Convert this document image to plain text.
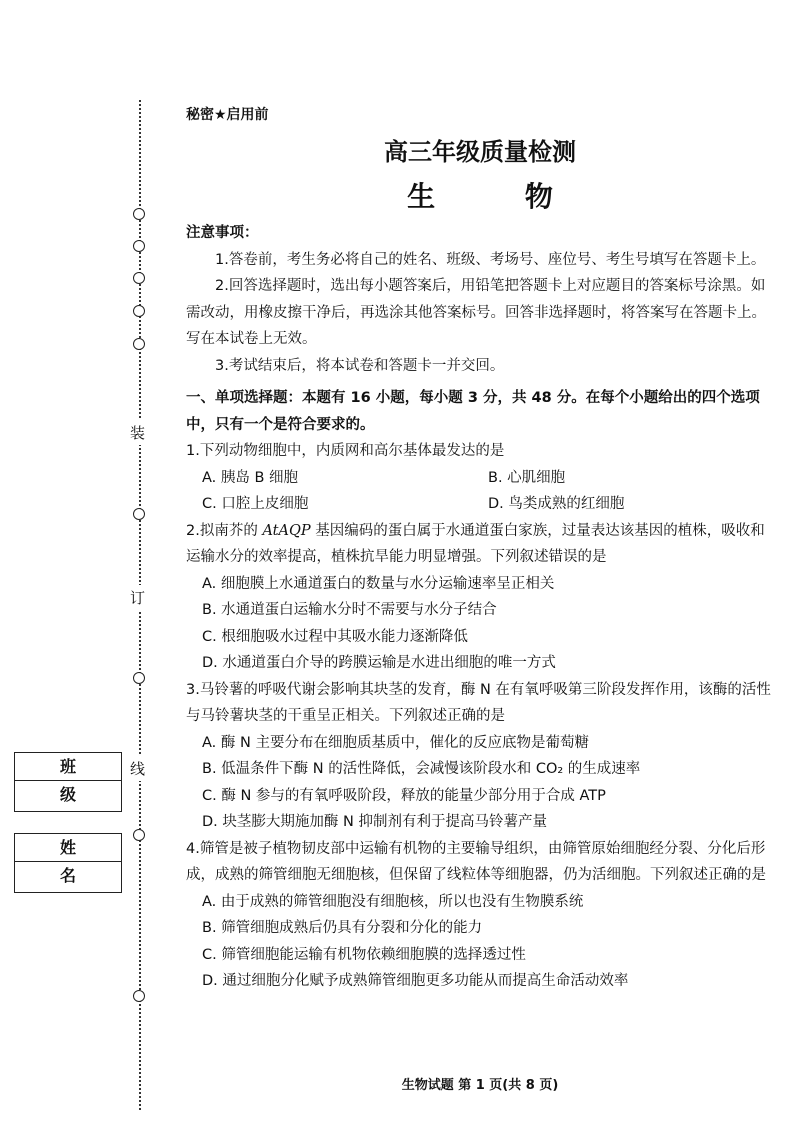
装
订
线
班 级
姓 名
秘密★启用前
高三年级质量检测
生 物

注意事项：

1.答卷前，考生务必将自己的姓名、班级、考场号、座位号、考生号填写在答题卡上。

2.回答选择题时，选出每小题答案后，用铅笔把答题卡上对应题目的答案标号涂黑。如需改动，用橡皮擦干净后，再选涂其他答案标号。回答非选择题时，将答案写在答题卡上。写在本试卷上无效。

3.考试结束后，将本试卷和答题卡一并交回。

一、单项选择题：本题有 16 小题，每小题 3 分，共 48 分。在每个小题给出的四个选项中，只有一个是符合要求的。

1.下列动物细胞中，内质网和高尔基体最发达的是

A. 胰岛 B 细胞	B. 心肌细胞
C. 口腔上皮细胞	D. 鸟类成熟的红细胞

2.拟南芥的 AtAQP 基因编码的蛋白属于水通道蛋白家族，过量表达该基因的植株，吸收和运输水分的效率提高，植株抗旱能力明显增强。下列叙述错误的是

A. 细胞膜上水通道蛋白的数量与水分运输速率呈正相关

B. 水通道蛋白运输水分时不需要与水分子结合

C. 根细胞吸水过程中其吸水能力逐渐降低

D. 水通道蛋白介导的跨膜运输是水进出细胞的唯一方式

3.马铃薯的呼吸代谢会影响其块茎的发育，酶 N 在有氧呼吸第三阶段发挥作用，该酶的活性与马铃薯块茎的干重呈正相关。下列叙述正确的是

A. 酶 N 主要分布在细胞质基质中，催化的反应底物是葡萄糖

B. 低温条件下酶 N 的活性降低，会减慢该阶段水和 CO₂ 的生成速率

C. 酶 N 参与的有氧呼吸阶段，释放的能量少部分用于合成 ATP

D. 块茎膨大期施加酶 N 抑制剂有利于提高马铃薯产量

4.筛管是被子植物韧皮部中运输有机物的主要输导组织，由筛管原始细胞经分裂、分化后形成，成熟的筛管细胞无细胞核，但保留了线粒体等细胞器，仍为活细胞。下列叙述正确的是

A. 由于成熟的筛管细胞没有细胞核，所以也没有生物膜系统

B. 筛管细胞成熟后仍具有分裂和分化的能力

C. 筛管细胞能运输有机物依赖细胞膜的选择透过性

D. 通过细胞分化赋予成熟筛管细胞更多功能从而提高生命活动效率

生物试题 第 1 页(共 8 页)
